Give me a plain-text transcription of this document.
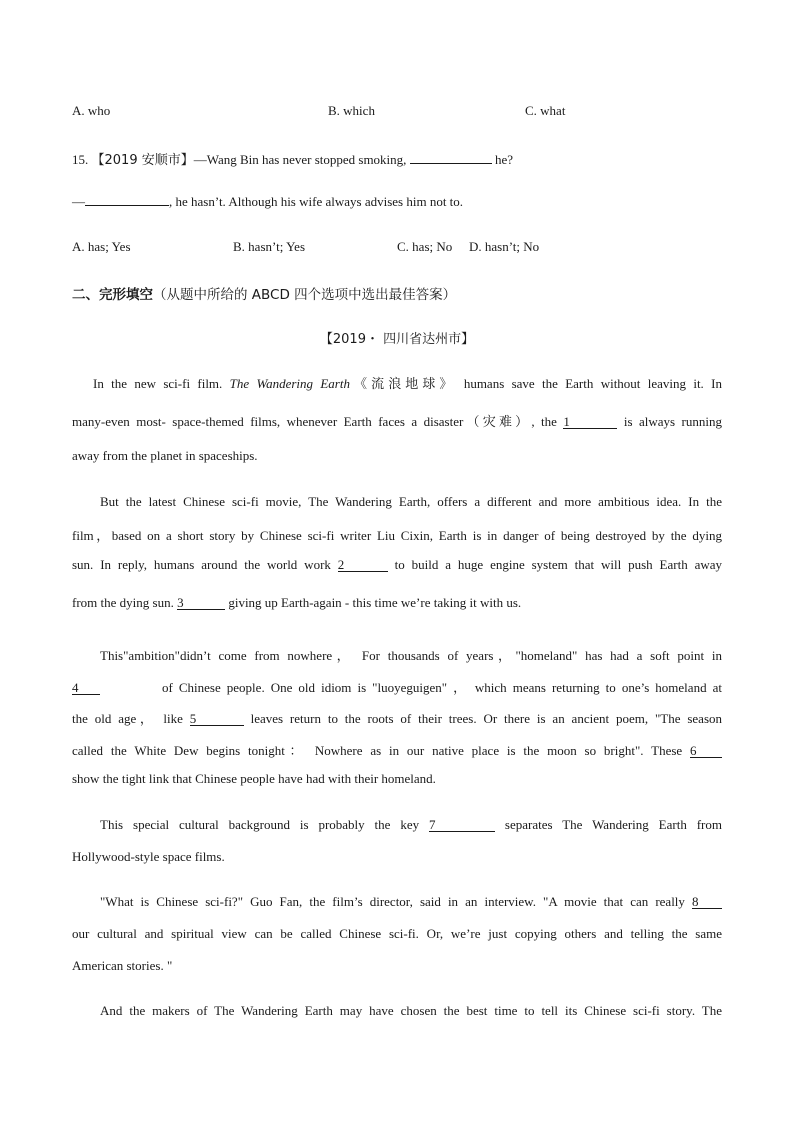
A. who	B. which	C. what
15. 【2019 安顺市】—Wang Bin has never stopped smoking,	he?
—	, he hasn’t. Although his wife always advises him not to.
A. has; Yes	B. hasn’t; Yes	C. has; No D. hasn’t; No
二、完形填空（从题中所给的 ABCD 四个选项中选出最佳答案）
【2019・ 四川省达州市】
In the new sci-fi film. The Wandering Earth《流浪地球》 humans save the Earth without leaving it. In
many-even most- space-themed films, whenever Earth faces a disaster（灾难）, the 1	is always running
away from the planet in spaceships.
But the latest Chinese sci-fi movie, The Wandering Earth, offers a different and more ambitious idea. In the
film，based on a short story by Chinese sci-fi writer Liu Cixin, Earth is in danger of being destroyed by the dying
sun. In reply, humans around the world work 2	to build a huge engine system that will push Earth away
from the dying sun. 3	giving up Earth-again - this time we’re taking it with us.
This"ambition"didn’t come from nowhere， For thousands of years，"homeland" has had a soft point in
4	of Chinese people. One old idiom is "luoyeguigen" ， which means returning to one’s homeland at
the old age， like 5	leaves return to the roots of their trees. Or there is an ancient poem, "The season
called the White Dew begins tonight： Nowhere as in our native place is the moon so bright". These 6
show the tight link that Chinese people have had with their homeland.
This special cultural background is probably the key 7	separates The Wandering Earth from
Hollywood-style space films.
"What is Chinese sci-fi?" Guo Fan, the film’s director, said in an interview. "A movie that can really 8
our cultural and spiritual view can be called Chinese sci-fi. Or, we’re just copying others and telling the same
American stories. "
And the makers of The Wandering Earth may have chosen the best time to tell its Chinese sci-fi story. The
